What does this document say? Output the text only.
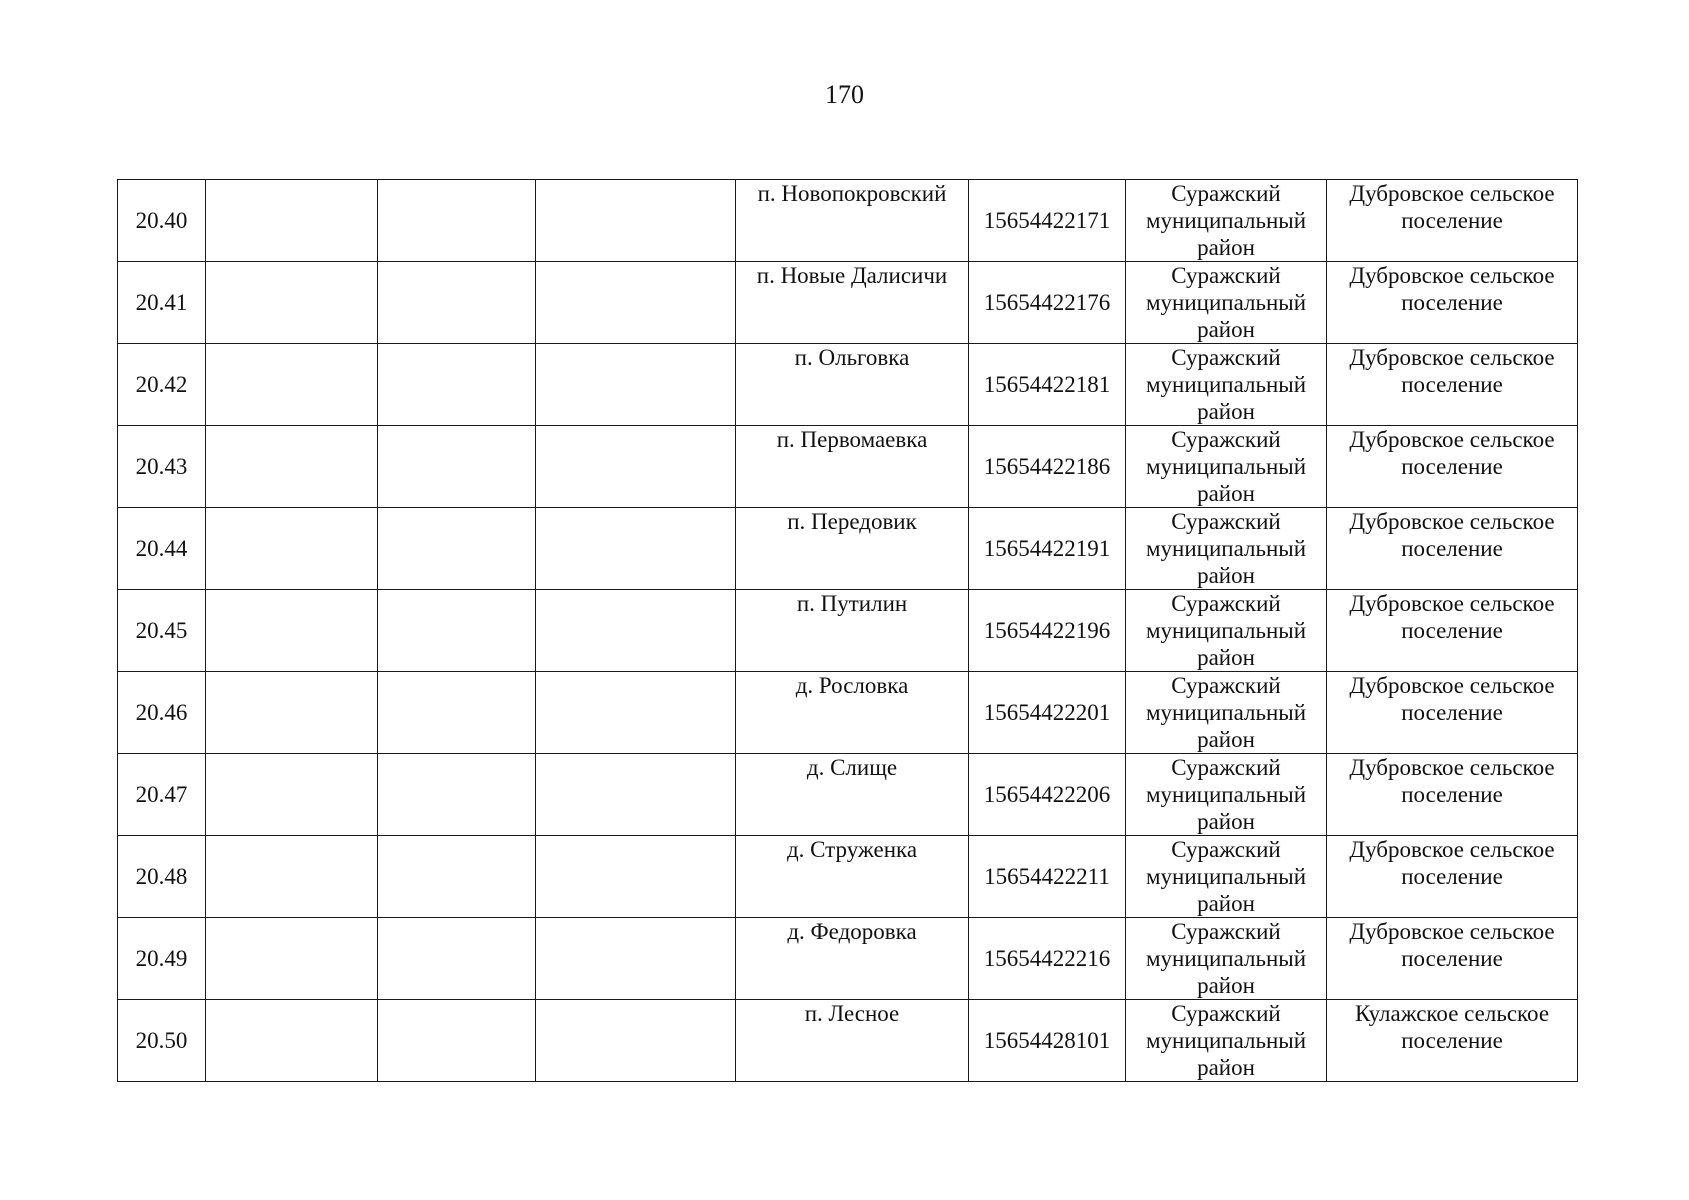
170
20.40				п. Новопокровский	15654422171	Суражский
муниципальный
район	Дубровское сельское
поселение

20.41				п. Новые Далисичи	15654422176	Суражский
муниципальный
район	Дубровское сельское
поселение

20.42				п. Ольговка	15654422181	Суражский
муниципальный
район	Дубровское сельское
поселение

20.43				п. Первомаевка	15654422186	Суражский
муниципальный
район	Дубровское сельское
поселение

20.44				п. Передовик	15654422191	Суражский
муниципальный
район	Дубровское сельское
поселение

20.45				п. Путилин	15654422196	Суражский
муниципальный
район	Дубровское сельское
поселение

20.46				д. Рословка	15654422201	Суражский
муниципальный
район	Дубровское сельское
поселение

20.47				д. Слище	15654422206	Суражский
муниципальный
район	Дубровское сельское
поселение

20.48				д. Струженка	15654422211	Суражский
муниципальный
район	Дубровское сельское
поселение

20.49				д. Федоровка	15654422216	Суражский
муниципальный
район	Дубровское сельское
поселение

20.50				п. Лесное	15654428101	Суражский
муниципальный
район	Кулажское сельское
поселение
